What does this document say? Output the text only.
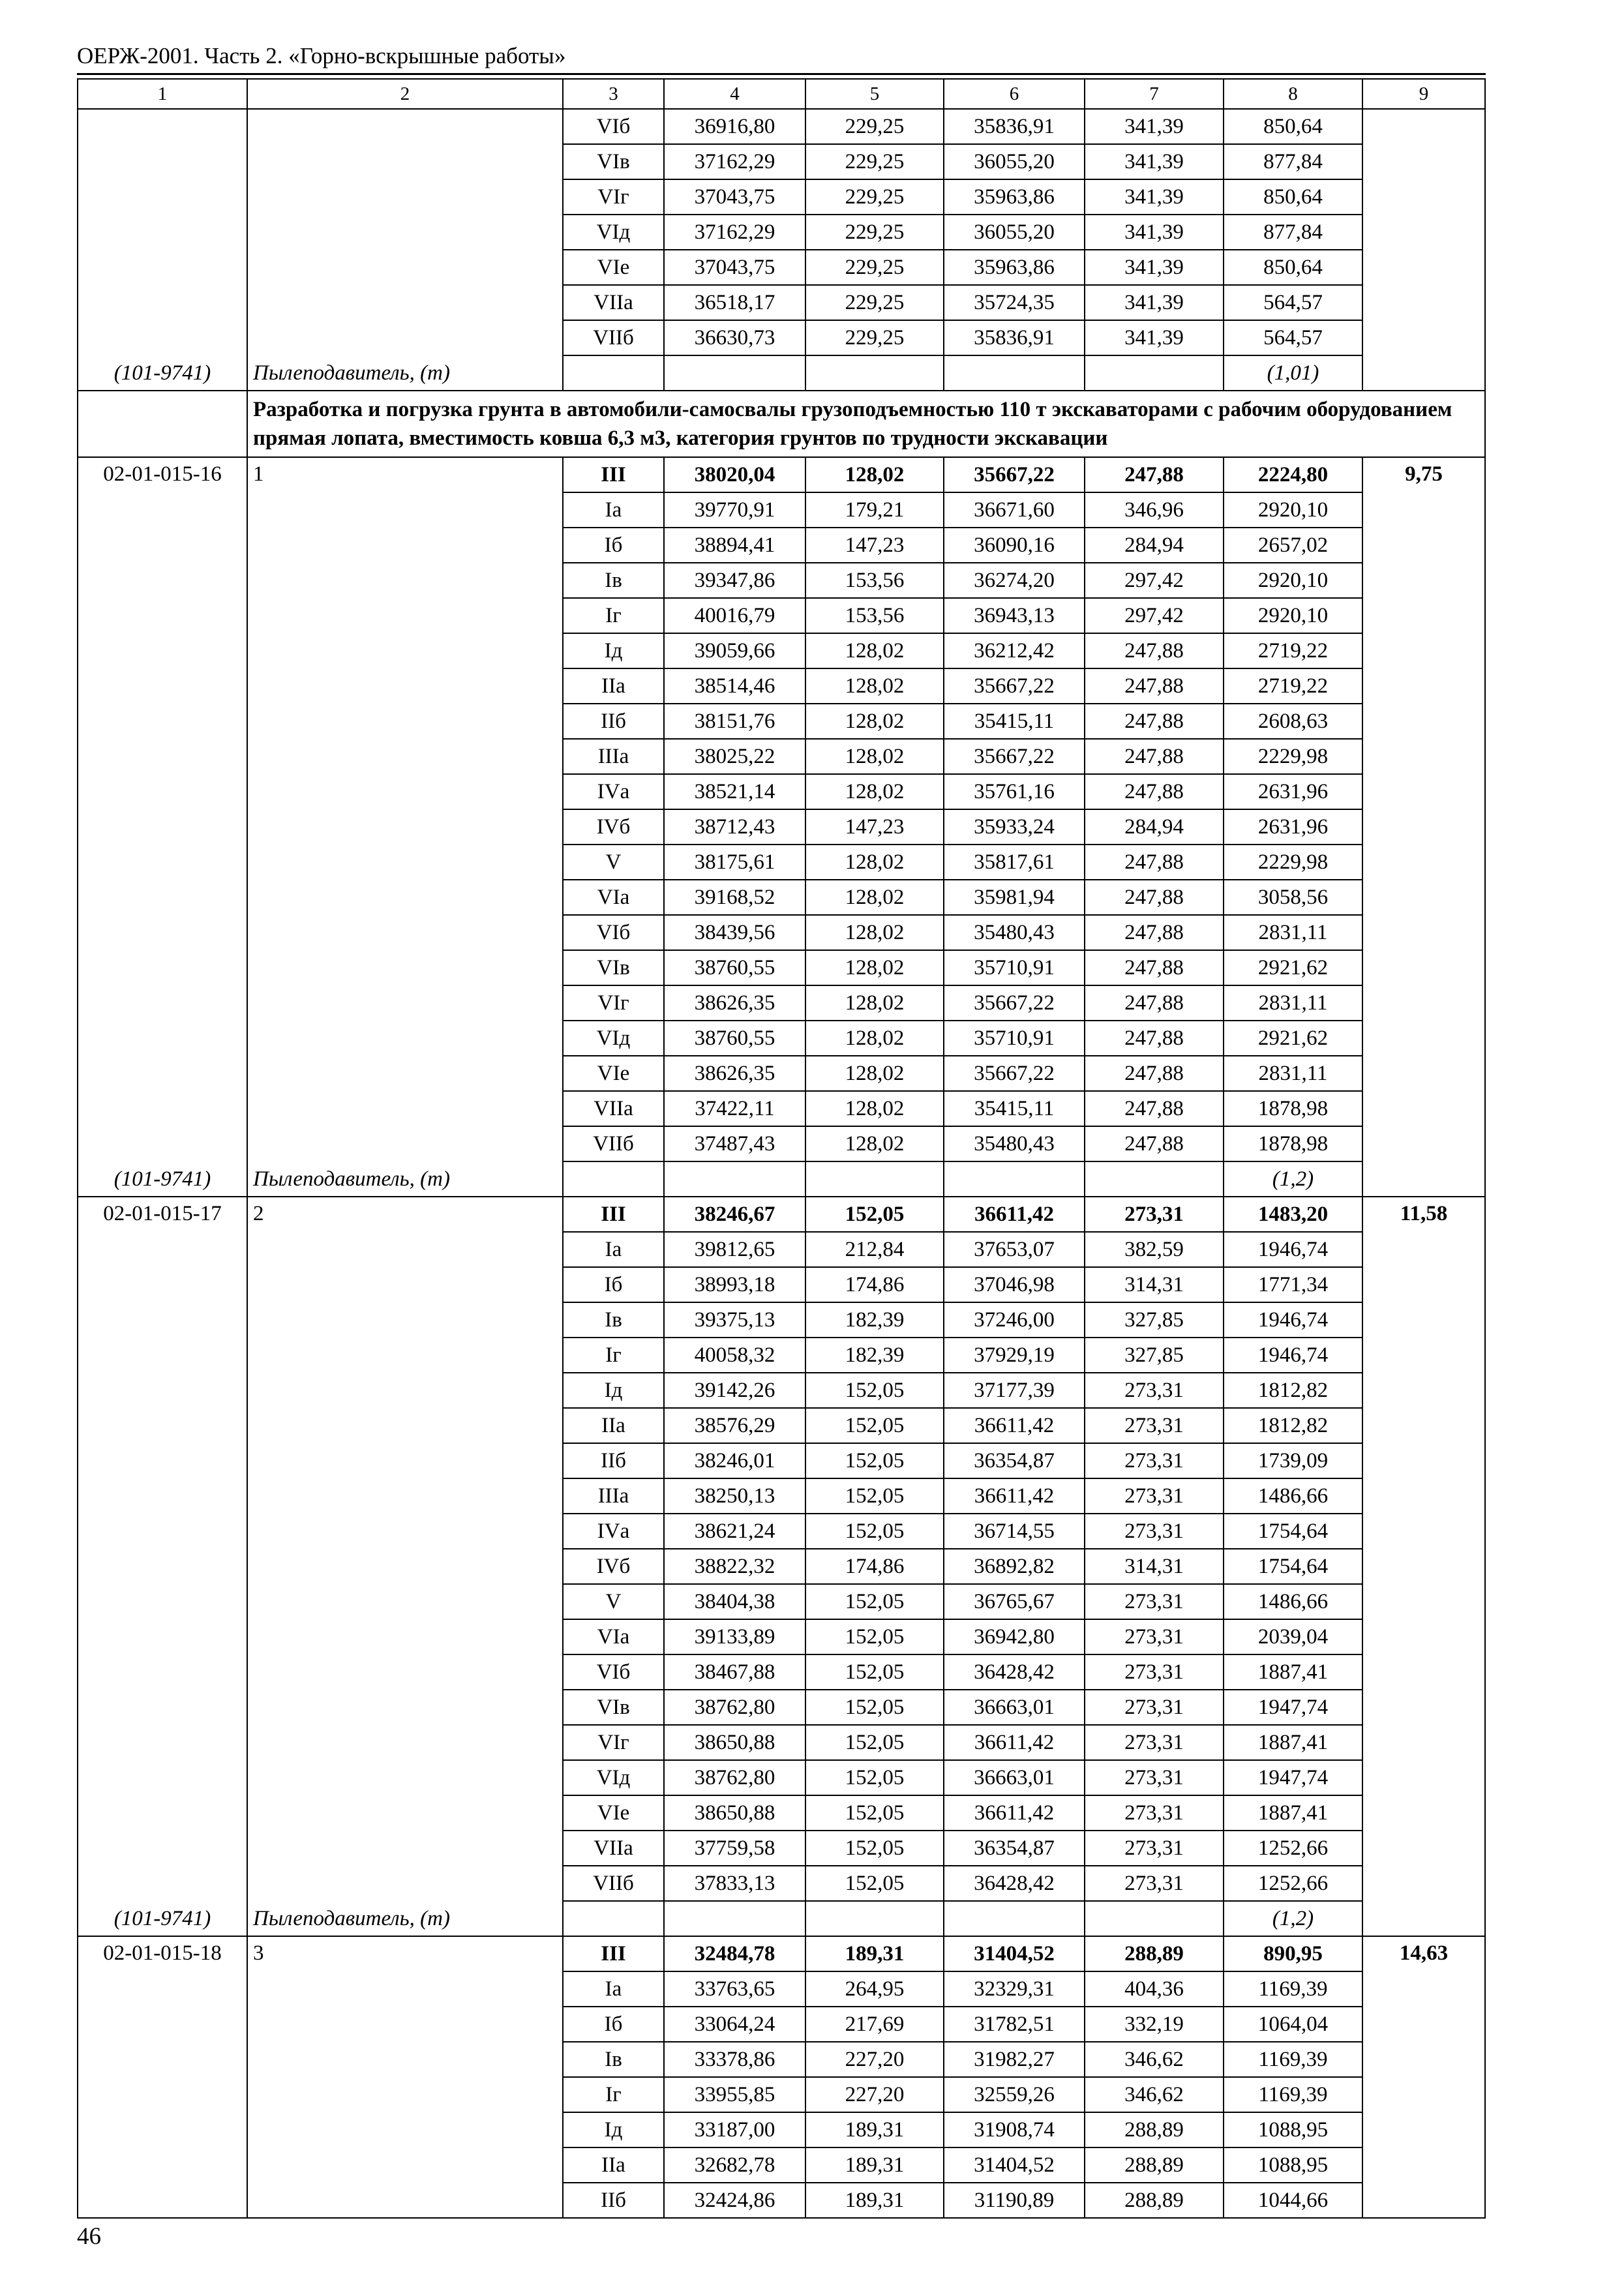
ОЕРЖ-2001. Часть 2. «Горно-вскрышные работы»
1	2	3	4	5	6	7	8	9
		VIб	36916,80	229,25	35836,91	341,39	850,64	
		VIв	37162,29	229,25	36055,20	341,39	877,84	
		VIг	37043,75	229,25	35963,86	341,39	850,64	
		VIд	37162,29	229,25	36055,20	341,39	877,84	
		VIе	37043,75	229,25	35963,86	341,39	850,64	
		VIIа	36518,17	229,25	35724,35	341,39	564,57	
		VIIб	36630,73	229,25	35836,91	341,39	564,57	
(101-9741)	Пылеподавитель, (т)						(1,01)	
	Разработка и погрузка грунта в автомобили-самосвалы грузоподъемностью 110 т экскаваторами с рабочим оборудованием прямая лопата, вместимость ковша 6,3 м3, категория грунтов по трудности экскавации							
02-01-015-16	1	III	38020,04	128,02	35667,22	247,88	2224,80	9,75
		Iа	39770,91	179,21	36671,60	346,96	2920,10	
		Iб	38894,41	147,23	36090,16	284,94	2657,02	
		Iв	39347,86	153,56	36274,20	297,42	2920,10	
		Iг	40016,79	153,56	36943,13	297,42	2920,10	
		Iд	39059,66	128,02	36212,42	247,88	2719,22	
		IIа	38514,46	128,02	35667,22	247,88	2719,22	
		IIб	38151,76	128,02	35415,11	247,88	2608,63	
		IIIа	38025,22	128,02	35667,22	247,88	2229,98	
		IVа	38521,14	128,02	35761,16	247,88	2631,96	
		IVб	38712,43	147,23	35933,24	284,94	2631,96	
		V	38175,61	128,02	35817,61	247,88	2229,98	
		VIа	39168,52	128,02	35981,94	247,88	3058,56	
		VIб	38439,56	128,02	35480,43	247,88	2831,11	
		VIв	38760,55	128,02	35710,91	247,88	2921,62	
		VIг	38626,35	128,02	35667,22	247,88	2831,11	
		VIд	38760,55	128,02	35710,91	247,88	2921,62	
		VIе	38626,35	128,02	35667,22	247,88	2831,11	
		VIIа	37422,11	128,02	35415,11	247,88	1878,98	
		VIIб	37487,43	128,02	35480,43	247,88	1878,98	
(101-9741)	Пылеподавитель, (т)						(1,2)	
02-01-015-17	2	III	38246,67	152,05	36611,42	273,31	1483,20	11,58
		Iа	39812,65	212,84	37653,07	382,59	1946,74	
		Iб	38993,18	174,86	37046,98	314,31	1771,34	
		Iв	39375,13	182,39	37246,00	327,85	1946,74	
		Iг	40058,32	182,39	37929,19	327,85	1946,74	
		Iд	39142,26	152,05	37177,39	273,31	1812,82	
		IIа	38576,29	152,05	36611,42	273,31	1812,82	
		IIб	38246,01	152,05	36354,87	273,31	1739,09	
		IIIа	38250,13	152,05	36611,42	273,31	1486,66	
		IVа	38621,24	152,05	36714,55	273,31	1754,64	
		IVб	38822,32	174,86	36892,82	314,31	1754,64	
		V	38404,38	152,05	36765,67	273,31	1486,66	
		VIа	39133,89	152,05	36942,80	273,31	2039,04	
		VIб	38467,88	152,05	36428,42	273,31	1887,41	
		VIв	38762,80	152,05	36663,01	273,31	1947,74	
		VIг	38650,88	152,05	36611,42	273,31	1887,41	
		VIд	38762,80	152,05	36663,01	273,31	1947,74	
		VIе	38650,88	152,05	36611,42	273,31	1887,41	
		VIIа	37759,58	152,05	36354,87	273,31	1252,66	
		VIIб	37833,13	152,05	36428,42	273,31	1252,66	
(101-9741)	Пылеподавитель, (т)						(1,2)	
02-01-015-18	3	III	32484,78	189,31	31404,52	288,89	890,95	14,63
		Iа	33763,65	264,95	32329,31	404,36	1169,39	
		Iб	33064,24	217,69	31782,51	332,19	1064,04	
		Iв	33378,86	227,20	31982,27	346,62	1169,39	
		Iг	33955,85	227,20	32559,26	346,62	1169,39	
		Iд	33187,00	189,31	31908,74	288,89	1088,95	
		IIа	32682,78	189,31	31404,52	288,89	1088,95	
		IIб	32424,86	189,31	31190,89	288,89	1044,66	
46
